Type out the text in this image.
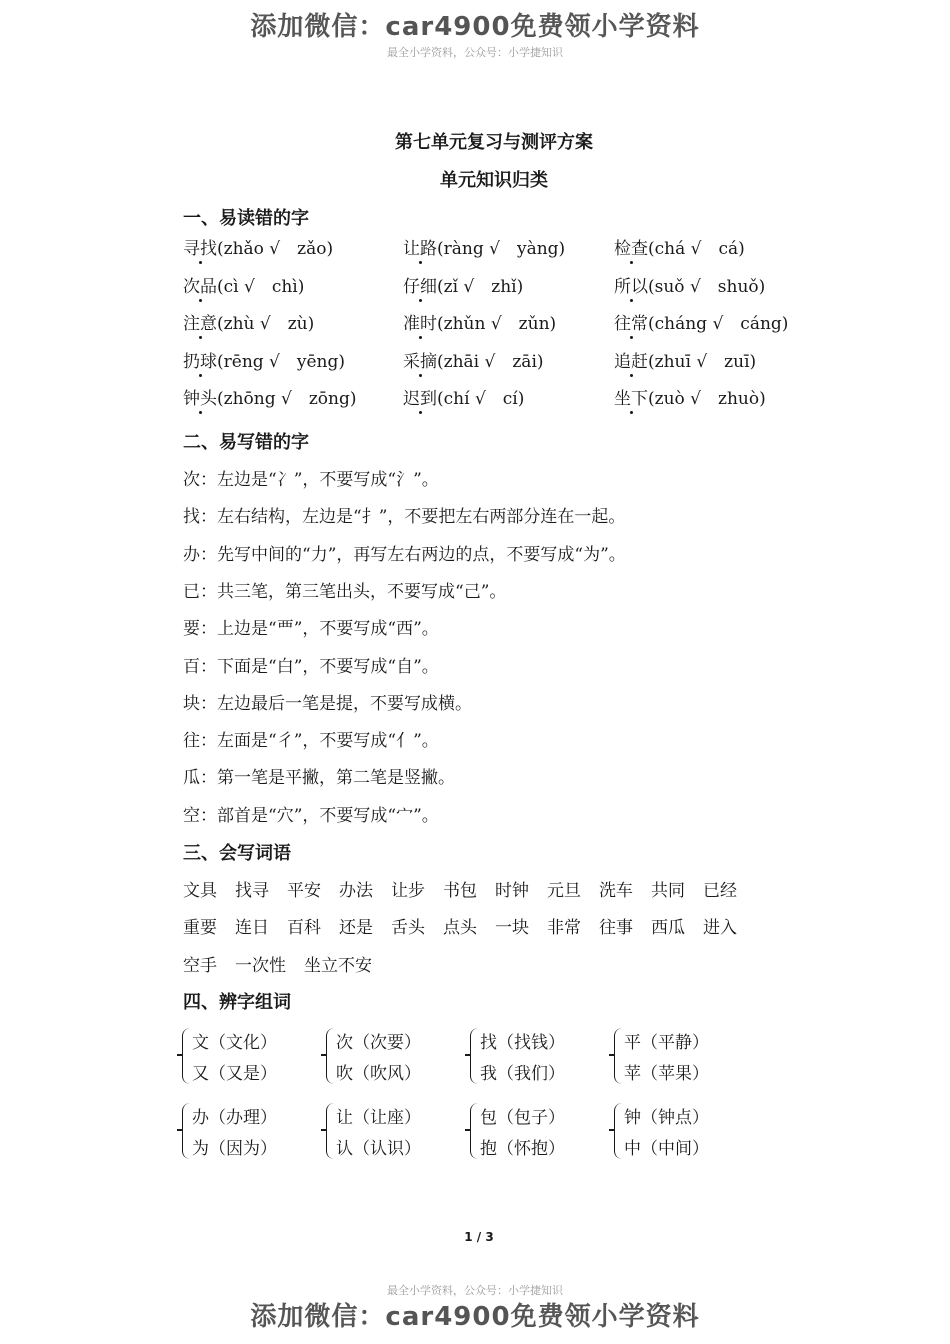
添加微信：car4900免费领小学资料
最全小学资料，公众号：小学捷知识
第七单元复习与测评方案
单元知识归类
一、易读错的字
寻找(zhǎo √　zǎo)	让路(ràng √　yàng)	检查(chá √　cá)
次品(cì √　chì)	仔细(zǐ √　zhǐ)	所以(suǒ √　shuǒ)
注意(zhù √　zù)	准时(zhǔn √　zǔn)	往常(cháng √　cáng)
扔球(rēng √　yēng)	采摘(zhāi √　zāi)	追赶(zhuī √　zuī)
钟头(zhōng √　zōng)	迟到(chí √　cí)	坐下(zuò √　zhuò)
二、易写错的字
次：左边是“冫”，不要写成“氵”。
找：左右结构，左边是“扌”，不要把左右两部分连在一起。
办：先写中间的“力”，再写左右两边的点，不要写成“为”。
已：共三笔，第三笔出头，不要写成“己”。
要：上边是“覀”，不要写成“西”。
百：下面是“白”，不要写成“自”。
块：左边最后一笔是提，不要写成横。
往：左面是“彳”，不要写成“亻”。
瓜：第一笔是平撇，第二笔是竖撇。
空：部首是“穴”，不要写成“宀”。
三、会写词语
文具 找寻 平安 办法 让步 书包 时钟 元旦 洗车 共同 已经
重要 连日 百科 还是 舌头 点头 一块 非常 往事 西瓜 进入
空手 一次性 坐立不安
四、辨字组词
文（文化）
又（又是）
次（次要）
吹（吹风）
找（找钱）
我（我们）
平（平静）
苹（苹果）
办（办理）
为（因为）
让（让座）
认（认识）
包（包子）
抱（怀抱）
钟（钟点）
中（中间）
1 / 3
最全小学资料，公众号：小学捷知识
添加微信：car4900免费领小学资料
